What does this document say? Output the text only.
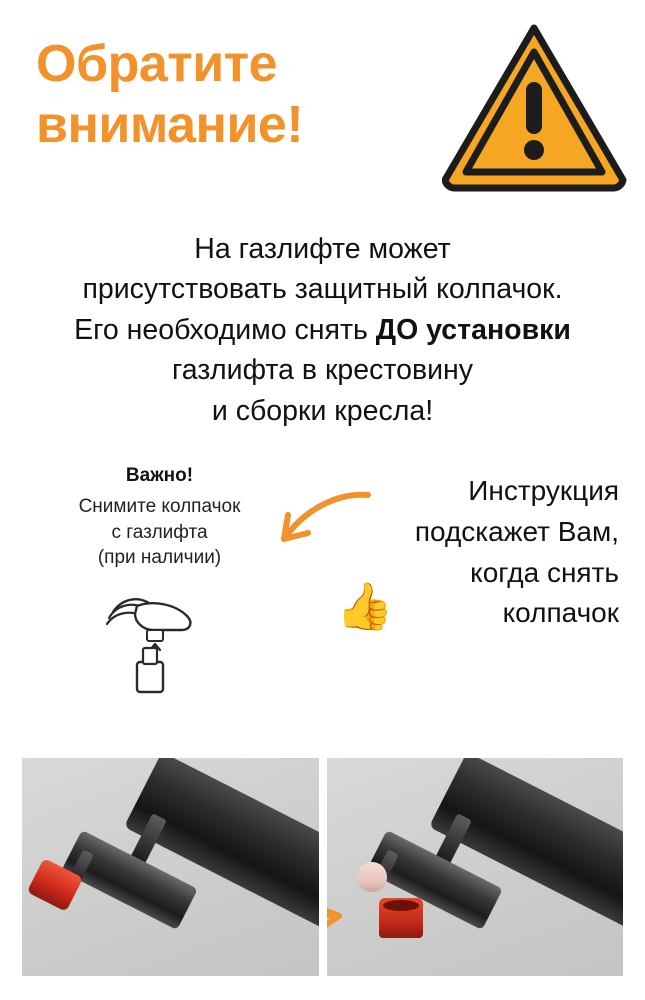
Обратите
внимание!
На газлифте может
присутствовать защитный колпачок.
Его необходимо снять ДО установки
газлифта в крестовину
и сборки кресла!
Важно!
Снимите колпачок
с газлифта
(при наличии)
Инструкция
подскажет Вам,
когда снять
колпачок
👍
